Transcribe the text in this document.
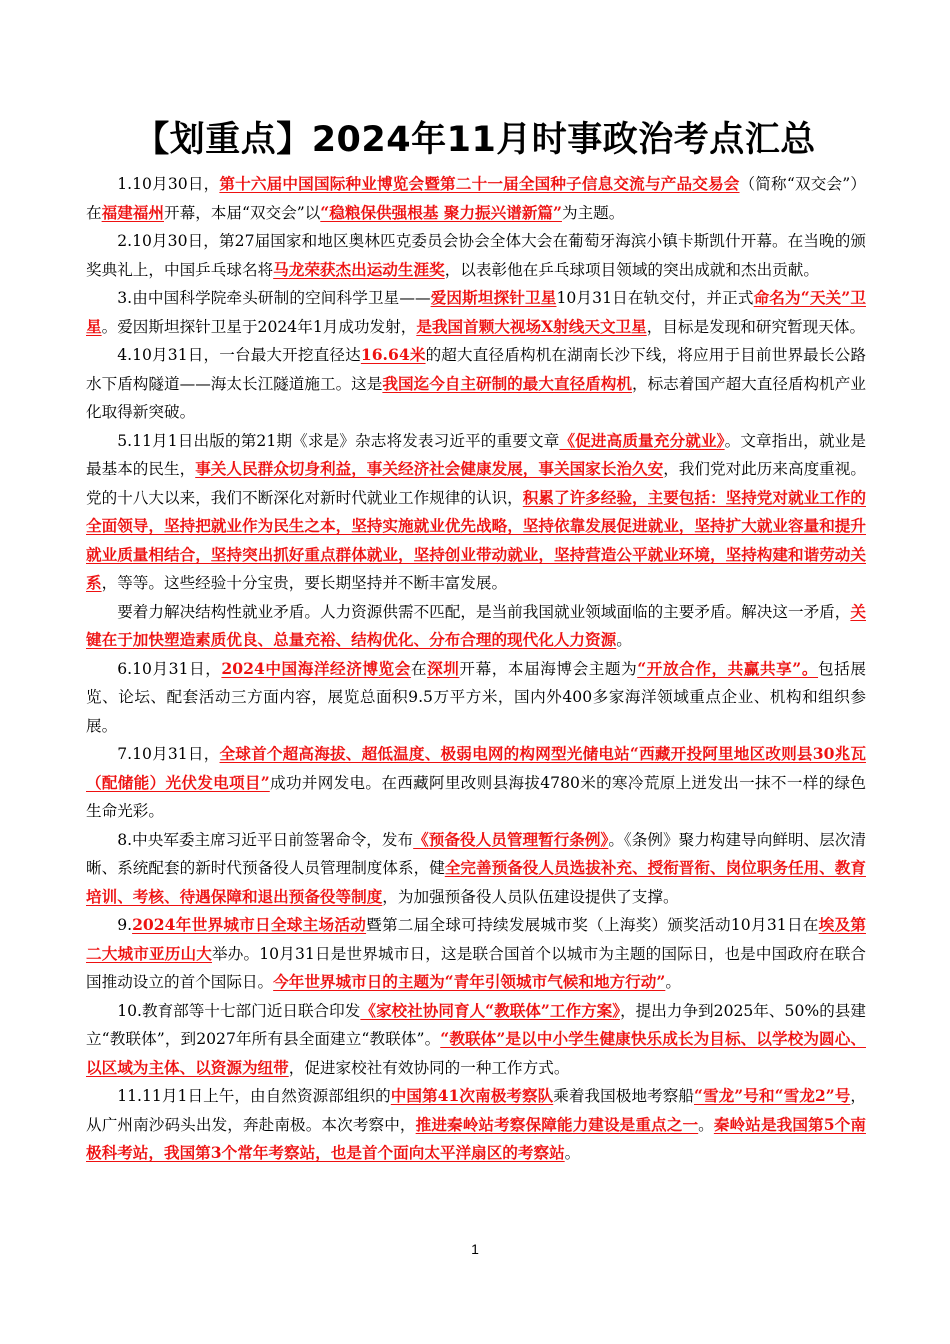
【划重点】2024年11月时事政治考点汇总

1.10月30日，第十六届中国国际种业博览会暨第二十一届全国种子信息交流与产品交易会（简称“双交会”）在福建福州开幕，本届“双交会”以“稳粮保供强根基 聚力振兴谱新篇”为主题。

2.10月30日，第27届国家和地区奥林匹克委员会协会全体大会在葡萄牙海滨小镇卡斯凯什开幕。在当晚的颁奖典礼上，中国乒乓球名将马龙荣获杰出运动生涯奖，以表彰他在乒乓球项目领域的突出成就和杰出贡献。

3.由中国科学院牵头研制的空间科学卫星——爱因斯坦探针卫星10月31日在轨交付，并正式命名为“天关”卫星。爱因斯坦探针卫星于2024年1月成功发射，是我国首颗大视场X射线天文卫星，目标是发现和研究暂现天体。

4.10月31日，一台最大开挖直径达16.64米的超大直径盾构机在湖南长沙下线，将应用于目前世界最长公路水下盾构隧道——海太长江隧道施工。这是我国迄今自主研制的最大直径盾构机，标志着国产超大直径盾构机产业化取得新突破。

5.11月1日出版的第21期《求是》杂志将发表习近平的重要文章《促进高质量充分就业》。文章指出，就业是最基本的民生，事关人民群众切身利益，事关经济社会健康发展，事关国家长治久安，我们党对此历来高度重视。党的十八大以来，我们不断深化对新时代就业工作规律的认识，积累了许多经验，主要包括：坚持党对就业工作的全面领导，坚持把就业作为民生之本，坚持实施就业优先战略，坚持依靠发展促进就业，坚持扩大就业容量和提升就业质量相结合，坚持突出抓好重点群体就业，坚持创业带动就业，坚持营造公平就业环境，坚持构建和谐劳动关系，等等。这些经验十分宝贵，要长期坚持并不断丰富发展。

要着力解决结构性就业矛盾。人力资源供需不匹配，是当前我国就业领域面临的主要矛盾。解决这一矛盾，关键在于加快塑造素质优良、总量充裕、结构优化、分布合理的现代化人力资源。

6.10月31日，2024中国海洋经济博览会在深圳开幕，本届海博会主题为“开放合作，共赢共享”。包括展览、论坛、配套活动三方面内容，展览总面积9.5万平方米，国内外400多家海洋领域重点企业、机构和组织参展。

7.10月31日，全球首个超高海拔、超低温度、极弱电网的构网型光储电站“西藏开投阿里地区改则县30兆瓦（配储能）光伏发电项目”成功并网发电。在西藏阿里改则县海拔4780米的寒冷荒原上迸发出一抹不一样的绿色生命光彩。

8.中央军委主席习近平日前签署命令，发布《预备役人员管理暂行条例》。《条例》聚力构建导向鲜明、层次清晰、系统配套的新时代预备役人员管理制度体系，健全完善预备役人员选拔补充、授衔晋衔、岗位职务任用、教育培训、考核、待遇保障和退出预备役等制度，为加强预备役人员队伍建设提供了支撑。

9.2024年世界城市日全球主场活动暨第二届全球可持续发展城市奖（上海奖）颁奖活动10月31日在埃及第二大城市亚历山大举办。10月31日是世界城市日，这是联合国首个以城市为主题的国际日，也是中国政府在联合国推动设立的首个国际日。今年世界城市日的主题为“青年引领城市气候和地方行动”。

10.教育部等十七部门近日联合印发《家校社协同育人“教联体”工作方案》，提出力争到2025年、50%的县建立“教联体”，到2027年所有县全面建立“教联体”。“教联体”是以中小学生健康快乐成长为目标、以学校为圆心、以区域为主体、以资源为纽带，促进家校社有效协同的一种工作方式。

11.11月1日上午，由自然资源部组织的中国第41次南极考察队乘着我国极地考察船“雪龙”号和“雪龙2”号，从广州南沙码头出发，奔赴南极。本次考察中，推进秦岭站考察保障能力建设是重点之一。秦岭站是我国第5个南极科考站，我国第3个常年考察站，也是首个面向太平洋扇区的考察站。

1
